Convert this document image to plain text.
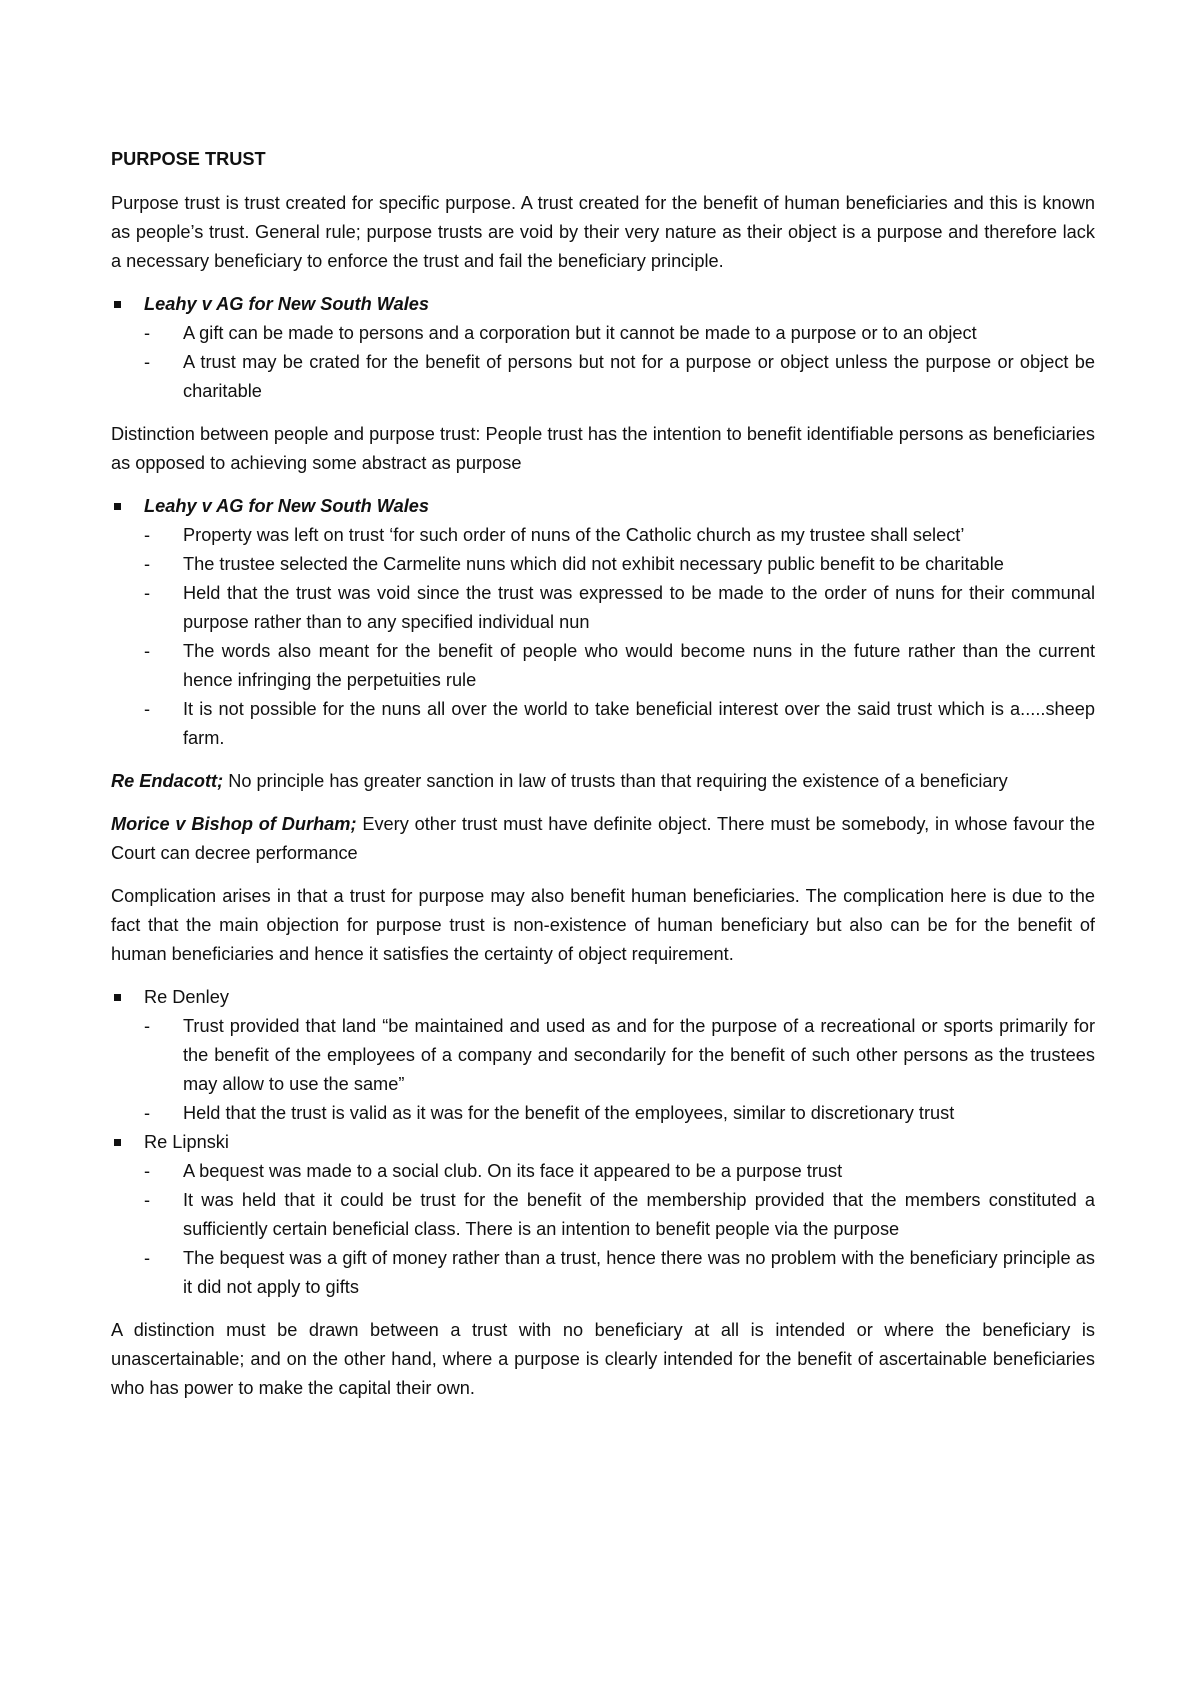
PURPOSE TRUST

Purpose trust is trust created for specific purpose. A trust created for the benefit of human beneficiaries and this is known as people’s trust. General rule; purpose trusts are void by their very nature as their object is a purpose and therefore lack a necessary beneficiary to enforce the trust and fail the beneficiary principle.

Leahy v AG for New South Wales
- A gift can be made to persons and a corporation but it cannot be made to a purpose or to an object
- A trust may be crated for the benefit of persons but not for a purpose or object unless the purpose or object be charitable

Distinction between people and purpose trust: People trust has the intention to benefit identifiable persons as beneficiaries as opposed to achieving some abstract as purpose

Leahy v AG for New South Wales
- Property was left on trust ‘for such order of nuns of the Catholic church as my trustee shall select’
- The trustee selected the Carmelite nuns which did not exhibit necessary public benefit to be charitable
- Held that the trust was void since the trust was expressed to be made to the order of nuns for their communal purpose rather than to any specified individual nun
- The words also meant for the benefit of people who would become nuns in the future rather than the current hence infringing the perpetuities rule
- It is not possible for the nuns all over the world to take beneficial interest over the said trust which is a.....sheep farm.

Re Endacott; No principle has greater sanction in law of trusts than that requiring the existence of a beneficiary

Morice v Bishop of Durham; Every other trust must have definite object. There must be somebody, in whose favour the Court can decree performance

Complication arises in that a trust for purpose may also benefit human beneficiaries. The complication here is due to the fact that the main objection for purpose trust is non-existence of human beneficiary but also can be for the benefit of human beneficiaries and hence it satisfies the certainty of object requirement.

Re Denley
- Trust provided that land “be maintained and used as and for the purpose of a recreational or sports primarily for the benefit of the employees of a company and secondarily for the benefit of such other persons as the trustees may allow to use the same”
- Held that the trust is valid as it was for the benefit of the employees, similar to discretionary trust
Re Lipnski
- A bequest was made to a social club. On its face it appeared to be a purpose trust
- It was held that it could be trust for the benefit of the membership provided that the members constituted a sufficiently certain beneficial class. There is an intention to benefit people via the purpose
- The bequest was a gift of money rather than a trust, hence there was no problem with the beneficiary principle as it did not apply to gifts

A distinction must be drawn between a trust with no beneficiary at all is intended or where the beneficiary is unascertainable; and on the other hand, where a purpose is clearly intended for the benefit of ascertainable beneficiaries who has power to make the capital their own.
